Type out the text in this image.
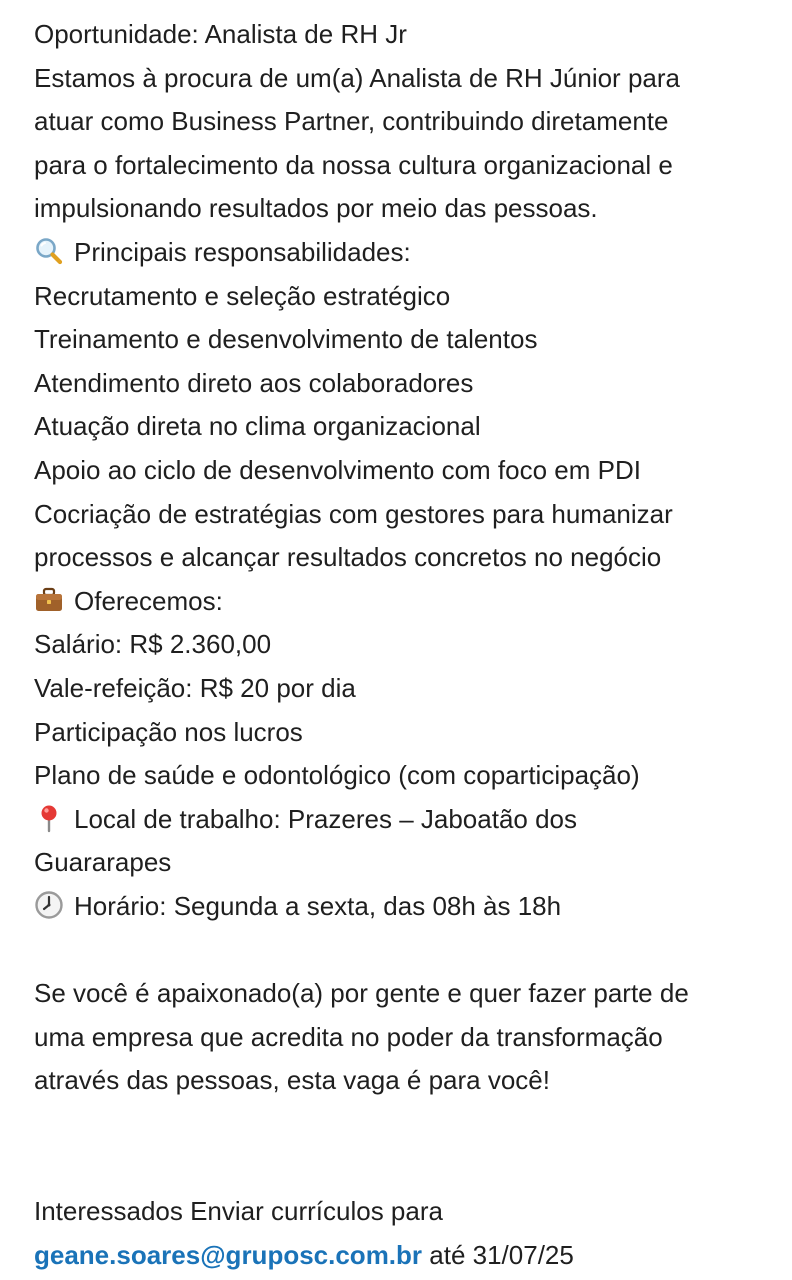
Oportunidade: Analista de RH Jr
Estamos à procura de um(a) Analista de RH Júnior para
atuar como Business Partner, contribuindo diretamente
para o fortalecimento da nossa cultura organizacional e
impulsionando resultados por meio das pessoas.
Principais responsabilidades:
Recrutamento e seleção estratégico
Treinamento e desenvolvimento de talentos
Atendimento direto aos colaboradores
Atuação direta no clima organizacional
Apoio ao ciclo de desenvolvimento com foco em PDI
Cocriação de estratégias com gestores para humanizar
processos e alcançar resultados concretos no negócio
Oferecemos:
Salário: R$ 2.360,00
Vale-refeição: R$ 20 por dia
Participação nos lucros
Plano de saúde e odontológico (com coparticipação)
Local de trabalho: Prazeres – Jaboatão dos
Guararapes
Horário: Segunda a sexta, das 08h às 18h
Se você é apaixonado(a) por gente e quer fazer parte de
uma empresa que acredita no poder da transformação
através das pessoas, esta vaga é para você!
Interessados Enviar currículos para
geane.soares@gruposc.com.br até 31/07/25
